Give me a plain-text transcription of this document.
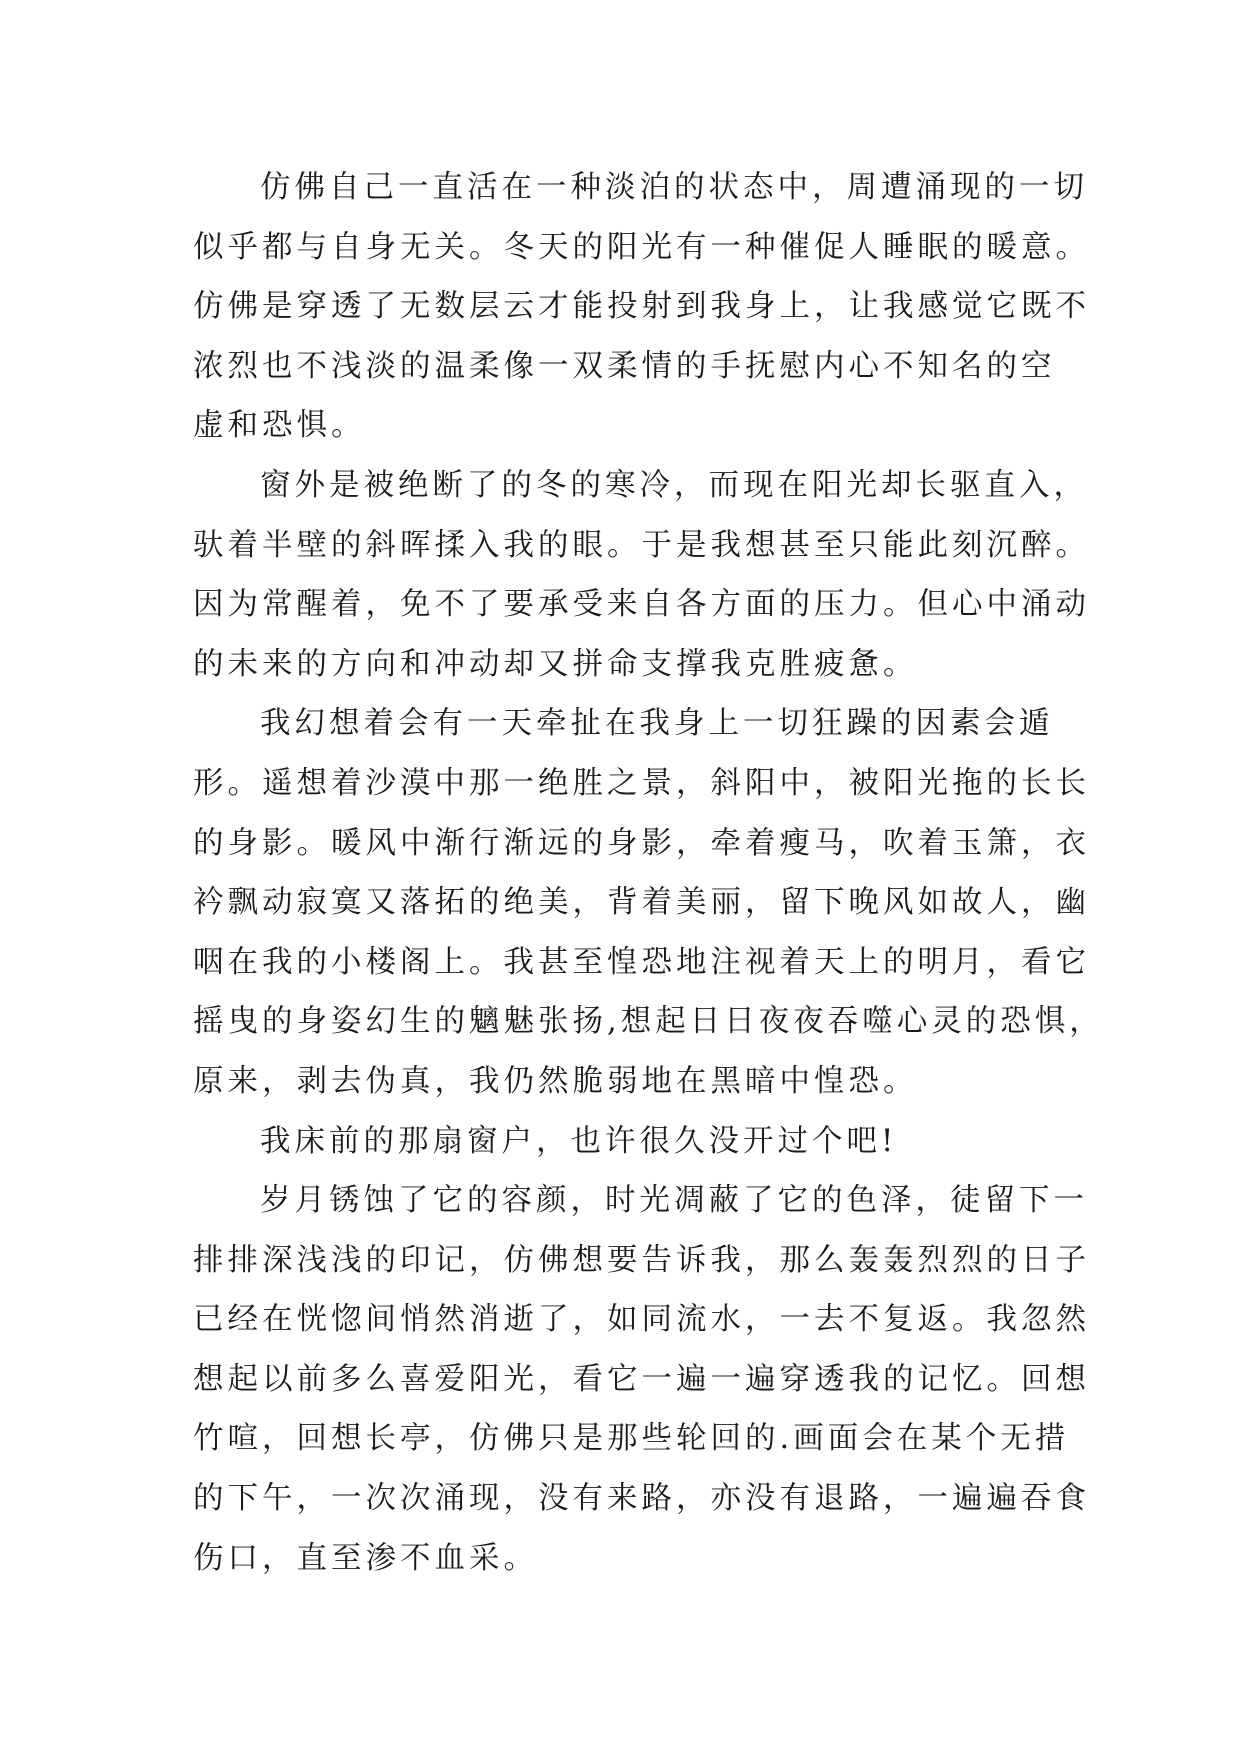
仿佛自己一直活在一种淡泊的状态中，周遭涌现的一切
似乎都与自身无关。冬天的阳光有一种催促人睡眠的暖意。
仿佛是穿透了无数层云才能投射到我身上，让我感觉它既不
浓烈也不浅淡的温柔像一双柔情的手抚慰内心不知名的空
虚和恐惧。
窗外是被绝断了的冬的寒冷，而现在阳光却长驱直入，
驮着半壁的斜晖揉入我的眼。于是我想甚至只能此刻沉醉。
因为常醒着，免不了要承受来自各方面的压力。但心中涌动
的未来的方向和冲动却又拼命支撑我克胜疲惫。
我幻想着会有一天牵扯在我身上一切狂躁的因素会遁
形。遥想着沙漠中那一绝胜之景，斜阳中，被阳光拖的长长
的身影。暖风中渐行渐远的身影，牵着瘦马，吹着玉箫，衣
衿飘动寂寞又落拓的绝美，背着美丽，留下晚风如故人，幽
咽在我的小楼阁上。我甚至惶恐地注视着天上的明月，看它
摇曳的身姿幻生的魑魅张扬,想起日日夜夜吞噬心灵的恐惧，
原来，剥去伪真，我仍然脆弱地在黑暗中惶恐。
我床前的那扇窗户，也许很久没开过个吧!
岁月锈蚀了它的容颜，时光凋蔽了它的色泽，徒留下一
排排深浅浅的印记，仿佛想要告诉我，那么轰轰烈烈的日子
已经在恍惚间悄然消逝了，如同流水，一去不复返。我忽然
想起以前多么喜爱阳光，看它一遍一遍穿透我的记忆。回想
竹喧，回想长亭，仿佛只是那些轮回的.画面会在某个无措
的下午，一次次涌现，没有来路，亦没有退路，一遍遍吞食
伤口，直至渗不血采。
